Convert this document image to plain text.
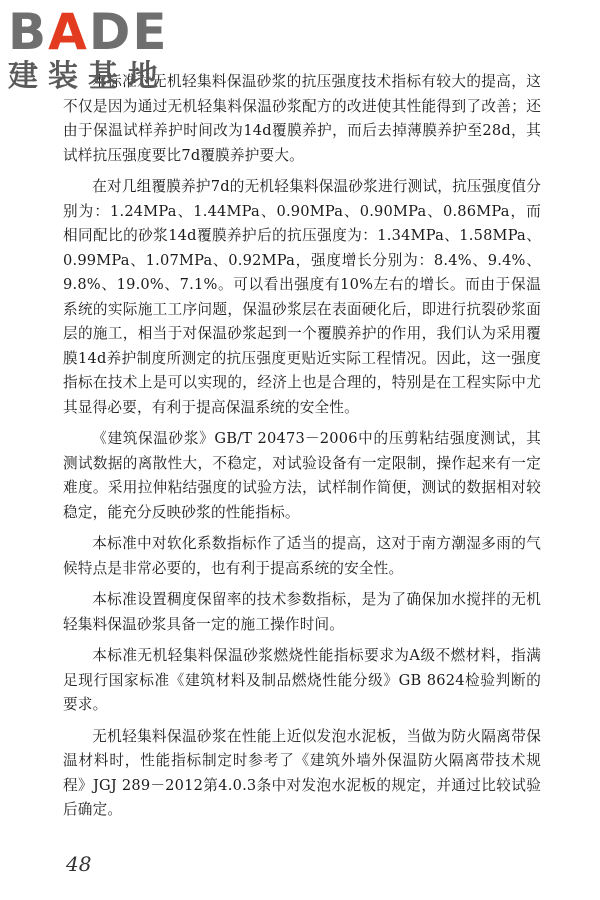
BADE
建装基地

本标准对无机轻集料保温砂浆的抗压强度技术指标有较大的提高，这不仅是因为通过无机轻集料保温砂浆配方的改进使其性能得到了改善；还由于保温试样养护时间改为14d覆膜养护，而后去掉薄膜养护至28d，其试样抗压强度要比7d覆膜养护要大。

在对几组覆膜养护7d的无机轻集料保温砂浆进行测试，抗压强度值分别为：1.24MPa、1.44MPa、0.90MPa、0.90MPa、0.86MPa，而相同配比的砂浆14d覆膜养护后的抗压强度为：1.34MPa、1.58MPa、0.99MPa、1.07MPa、0.92MPa，强度增长分别为：8.4%、9.4%、9.8%、19.0%、7.1%。可以看出强度有10%左右的增长。而由于保温系统的实际施工工序问题，保温砂浆层在表面硬化后，即进行抗裂砂浆面层的施工，相当于对保温砂浆起到一个覆膜养护的作用，我们认为采用覆膜14d养护制度所测定的抗压强度更贴近实际工程情况。因此，这一强度指标在技术上是可以实现的，经济上也是合理的，特别是在工程实际中尤其显得必要，有利于提高保温系统的安全性。

《建筑保温砂浆》GB/T 20473－2006中的压剪粘结强度测试，其测试数据的离散性大，不稳定，对试验设备有一定限制，操作起来有一定难度。采用拉伸粘结强度的试验方法，试样制作简便，测试的数据相对较稳定，能充分反映砂浆的性能指标。

本标准中对软化系数指标作了适当的提高，这对于南方潮湿多雨的气候特点是非常必要的，也有利于提高系统的安全性。

本标准设置稠度保留率的技术参数指标，是为了确保加水搅拌的无机轻集料保温砂浆具备一定的施工操作时间。

本标准无机轻集料保温砂浆燃烧性能指标要求为A级不燃材料，指满足现行国家标准《建筑材料及制品燃烧性能分级》GB 8624检验判断的要求。

无机轻集料保温砂浆在性能上近似发泡水泥板，当做为防火隔离带保温材料时，性能指标制定时参考了《建筑外墙外保温防火隔离带技术规程》JGJ 289－2012第4.0.3条中对发泡水泥板的规定，并通过比较试验后确定。

48
